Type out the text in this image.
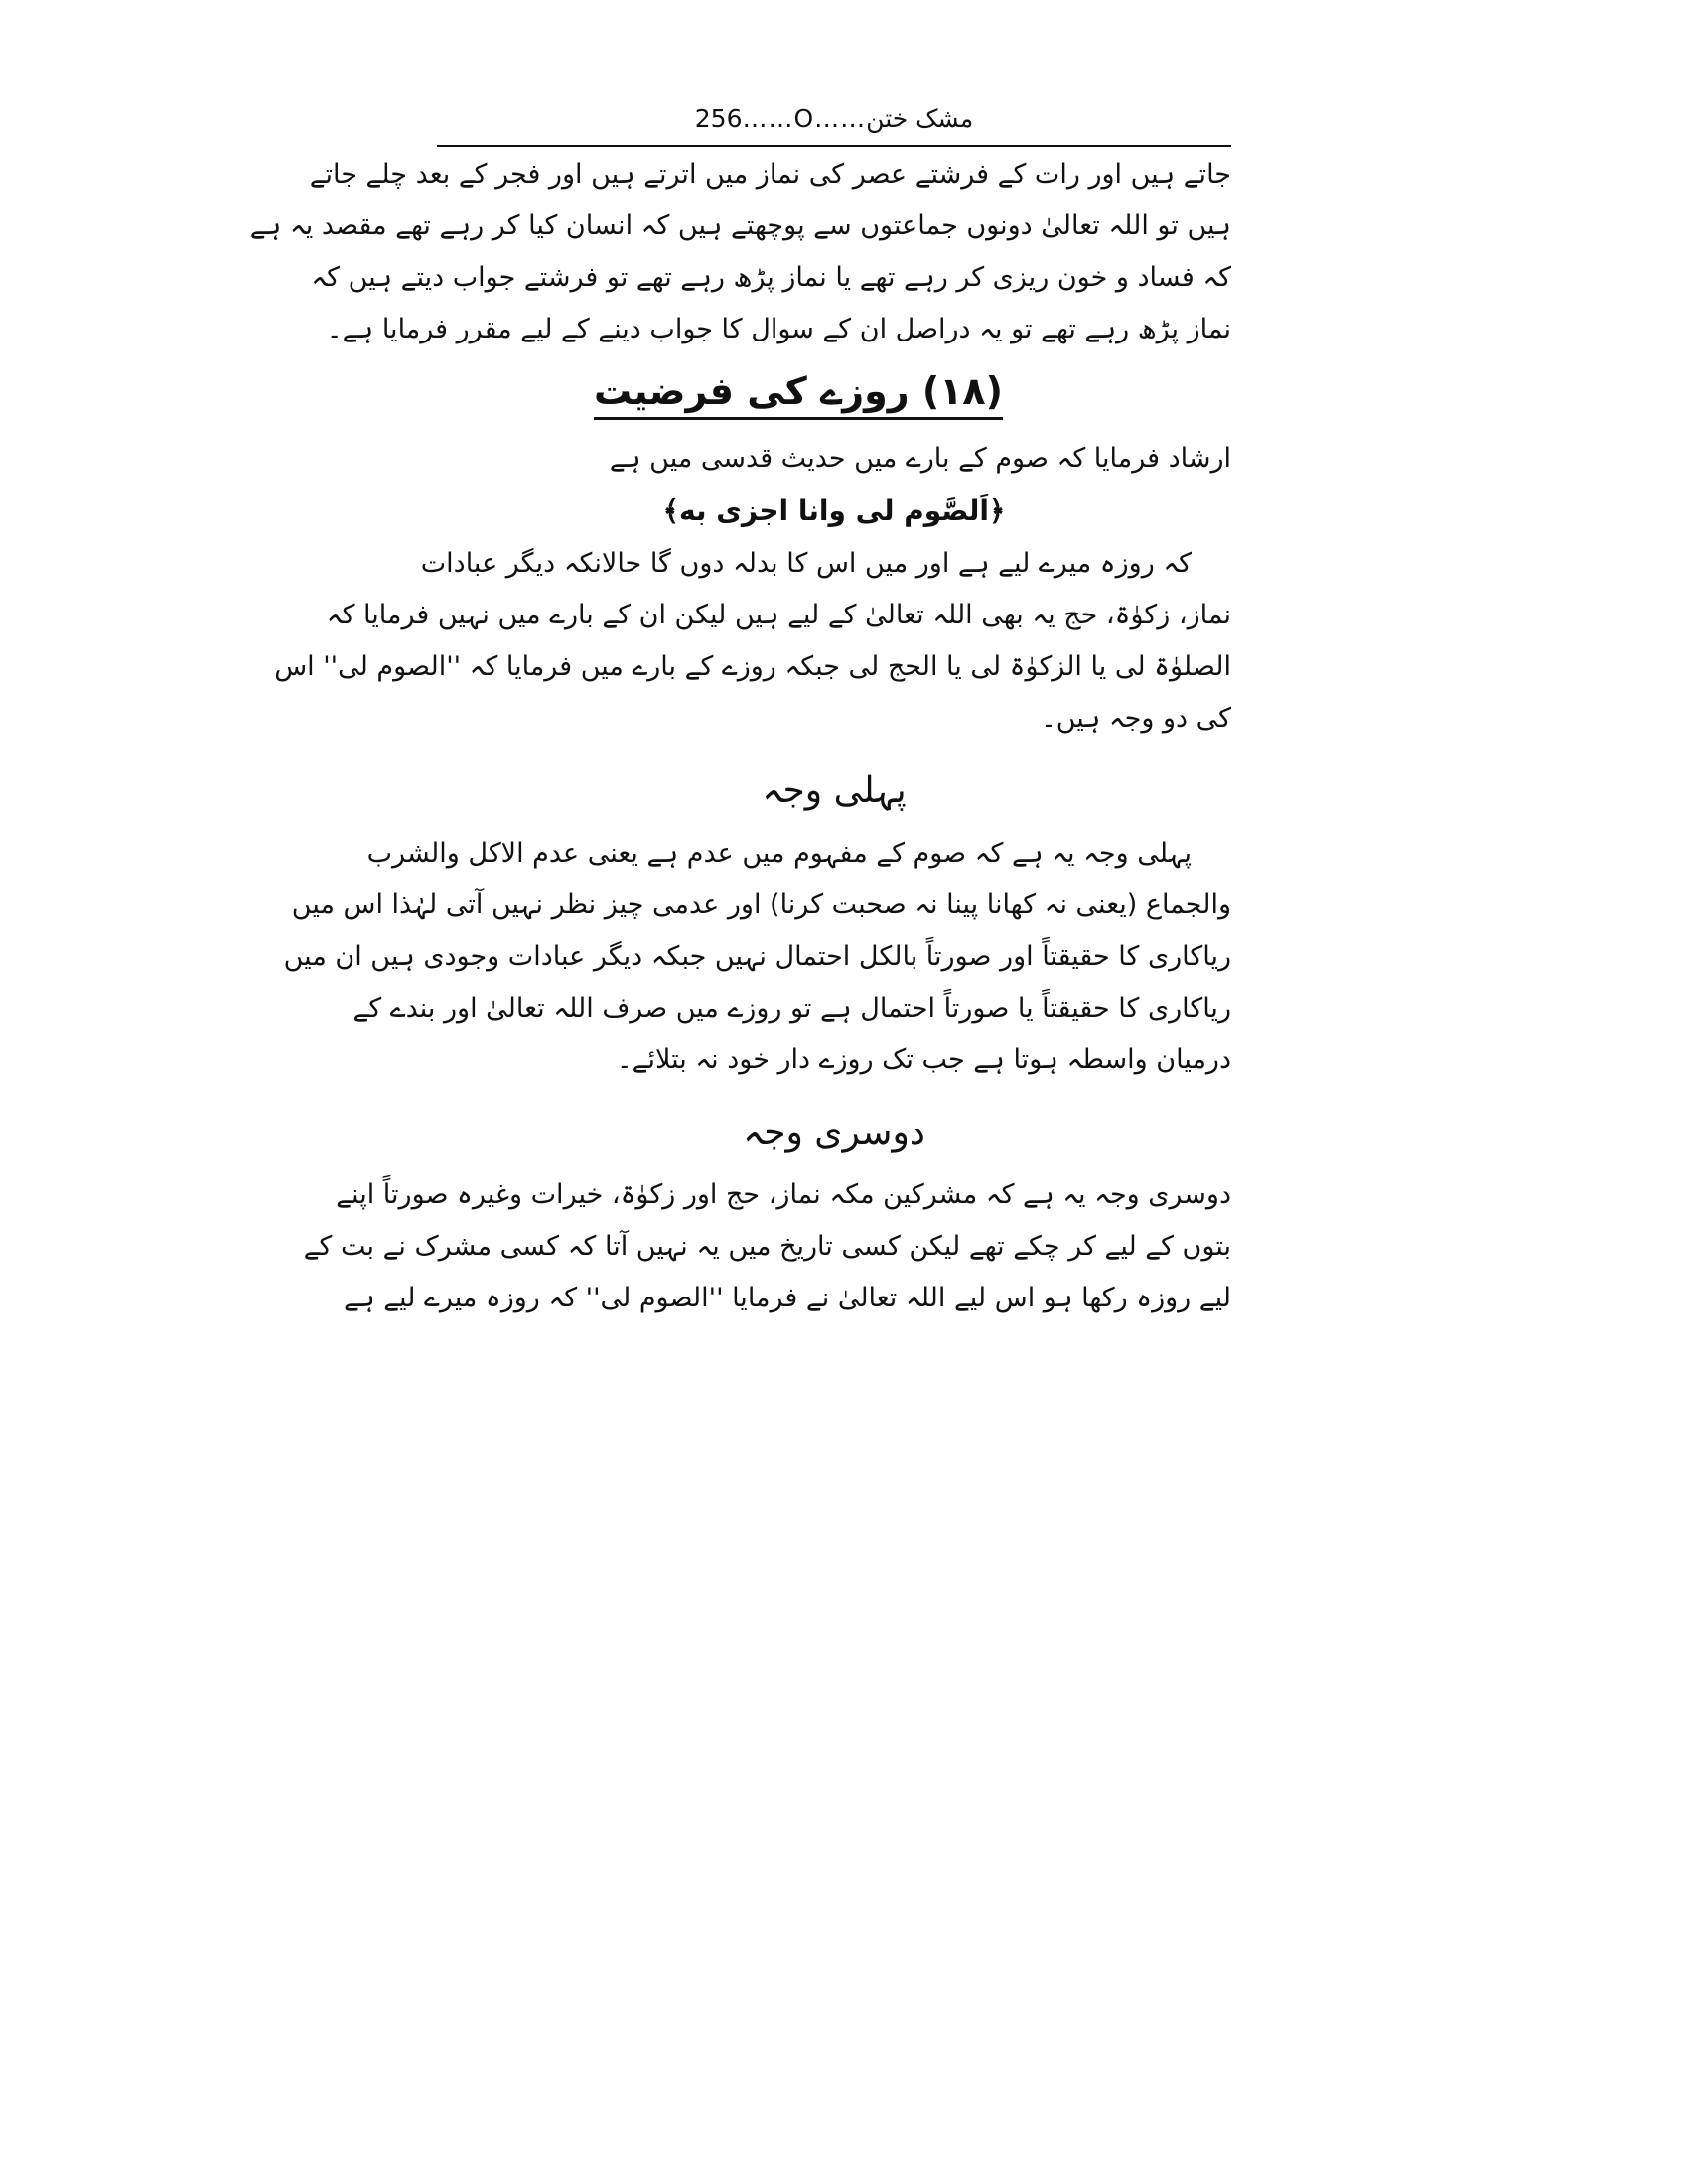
256……O……مشک ختن
جاتے ہیں اور رات کے فرشتے عصر کی نماز میں اترتے ہیں اور فجر کے بعد چلے جاتے
ہیں تو اللہ تعالیٰ دونوں جماعتوں سے پوچھتے ہیں کہ انسان کیا کر رہے تھے مقصد یہ ہے
کہ فساد و خون ریزی کر رہے تھے یا نماز پڑھ رہے تھے تو فرشتے جواب دیتے ہیں کہ
نماز پڑھ رہے تھے تو یہ دراصل ان کے سوال کا جواب دینے کے لیے مقرر فرمایا ہے۔
(۱۸) روزے کی فرضیت
ارشاد فرمایا کہ صوم کے بارے میں حدیث قدسی میں ہے
﴿اَلصَّوم لی وانا اجزی به﴾
کہ روزہ میرے لیے ہے اور میں اس کا بدلہ دوں گا حالانکہ دیگر عبادات
نماز، زکوٰۃ، حج یہ بھی اللہ تعالیٰ کے لیے ہیں لیکن ان کے بارے میں نہیں فرمایا کہ
الصلوٰۃ لی یا الزکوٰۃ لی یا الحج لی جبکہ روزے کے بارے میں فرمایا کہ ''الصوم لی'' اس
کی دو وجہ ہیں۔
پہلی وجہ
پہلی وجہ یہ ہے کہ صوم کے مفہوم میں عدم ہے یعنی عدم الاکل والشرب
والجماع (یعنی نہ کھانا پینا نہ صحبت کرنا) اور عدمی چیز نظر نہیں آتی لہٰذا اس میں
ریاکاری کا حقیقتاً اور صورتاً بالکل احتمال نہیں جبکہ دیگر عبادات وجودی ہیں ان میں
ریاکاری کا حقیقتاً یا صورتاً احتمال ہے تو روزے میں صرف اللہ تعالیٰ اور بندے کے
درمیان واسطہ ہوتا ہے جب تک روزے دار خود نہ بتلائے۔
دوسری وجہ
دوسری وجہ یہ ہے کہ مشرکین مکہ نماز، حج اور زکوٰۃ، خیرات وغیرہ صورتاً اپنے
بتوں کے لیے کر چکے تھے لیکن کسی تاریخ میں یہ نہیں آتا کہ کسی مشرک نے بت کے
لیے روزہ رکھا ہو اس لیے اللہ تعالیٰ نے فرمایا ''الصوم لی'' کہ روزہ میرے لیے ہے
